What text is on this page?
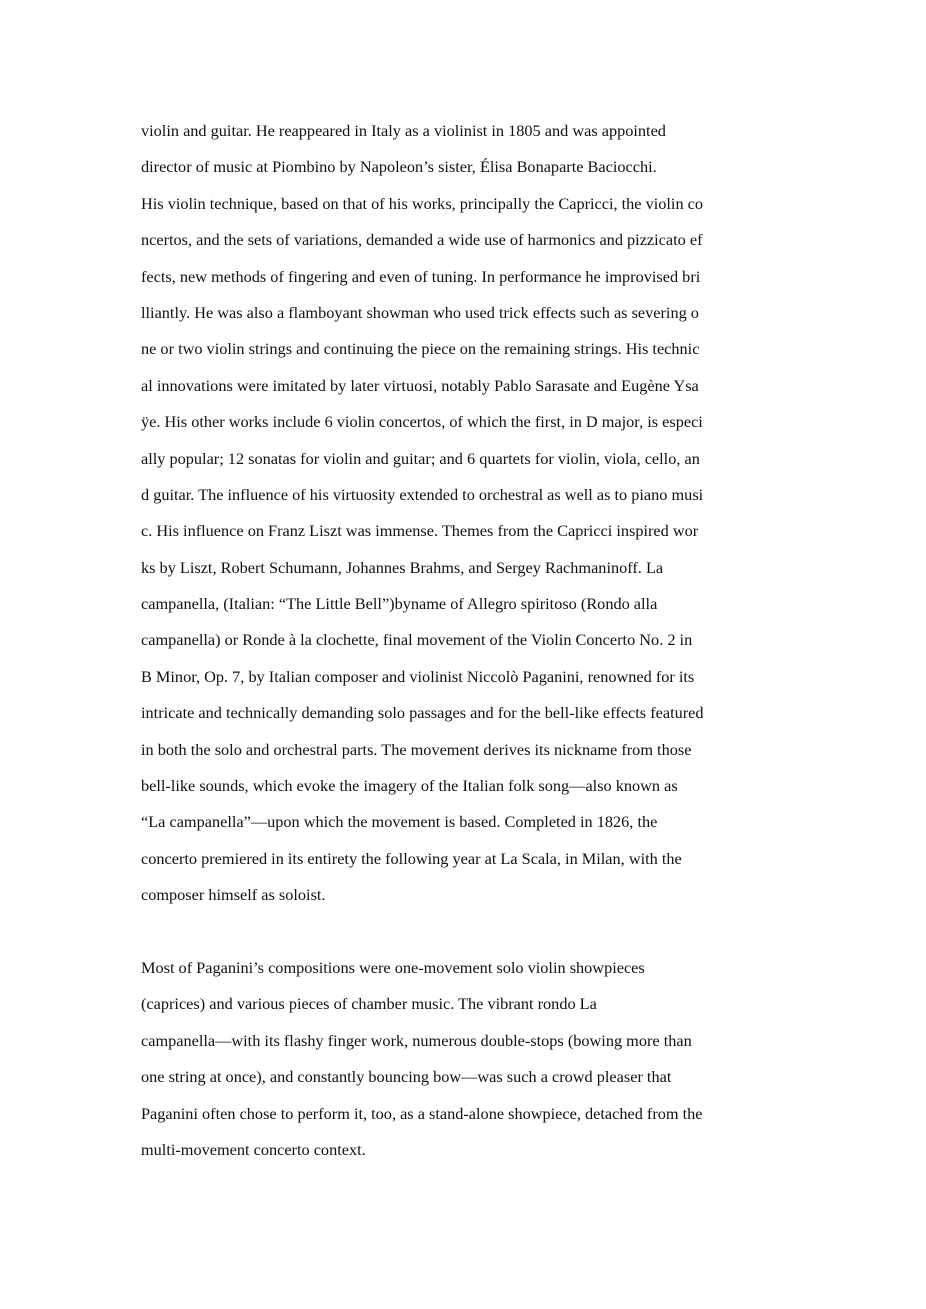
violin and guitar. He reappeared in Italy as a violinist in 1805 and was appointed
director of music at Piombino by Napoleon’s sister, Élisa Bonaparte Baciocchi.
His violin technique, based on that of his works, principally the Capricci, the violin co
ncertos, and the sets of variations, demanded a wide use of harmonics and pizzicato ef
fects, new methods of fingering and even of tuning. In performance he improvised bri
lliantly. He was also a flamboyant showman who used trick effects such as severing o
ne or two violin strings and continuing the piece on the remaining strings. His technic
al innovations were imitated by later virtuosi, notably Pablo Sarasate and Eugène Ysa
ÿe. His other works include 6 violin concertos, of which the first, in D major, is especi
ally popular; 12 sonatas for violin and guitar; and 6 quartets for violin, viola, cello, an
d guitar. The influence of his virtuosity extended to orchestral as well as to piano musi
c. His influence on Franz Liszt was immense. Themes from the Capricci inspired wor
ks by Liszt, Robert Schumann, Johannes Brahms, and Sergey Rachmaninoff. La
campanella, (Italian: “The Little Bell”)byname of Allegro spiritoso (Rondo alla
campanella) or Ronde à la clochette, final movement of the Violin Concerto No. 2 in
B Minor, Op. 7, by Italian composer and violinist Niccolò Paganini, renowned for its
intricate and technically demanding solo passages and for the bell-like effects featured
in both the solo and orchestral parts. The movement derives its nickname from those
bell-like sounds, which evoke the imagery of the Italian folk song—also known as
“La campanella”—upon which the movement is based. Completed in 1826, the
concerto premiered in its entirety the following year at La Scala, in Milan, with the
composer himself as soloist.
Most of Paganini’s compositions were one-movement solo violin showpieces
(caprices) and various pieces of chamber music. The vibrant rondo La
campanella—with its flashy finger work, numerous double-stops (bowing more than
one string at once), and constantly bouncing bow—was such a crowd pleaser that
Paganini often chose to perform it, too, as a stand-alone showpiece, detached from the
multi-movement concerto context.
